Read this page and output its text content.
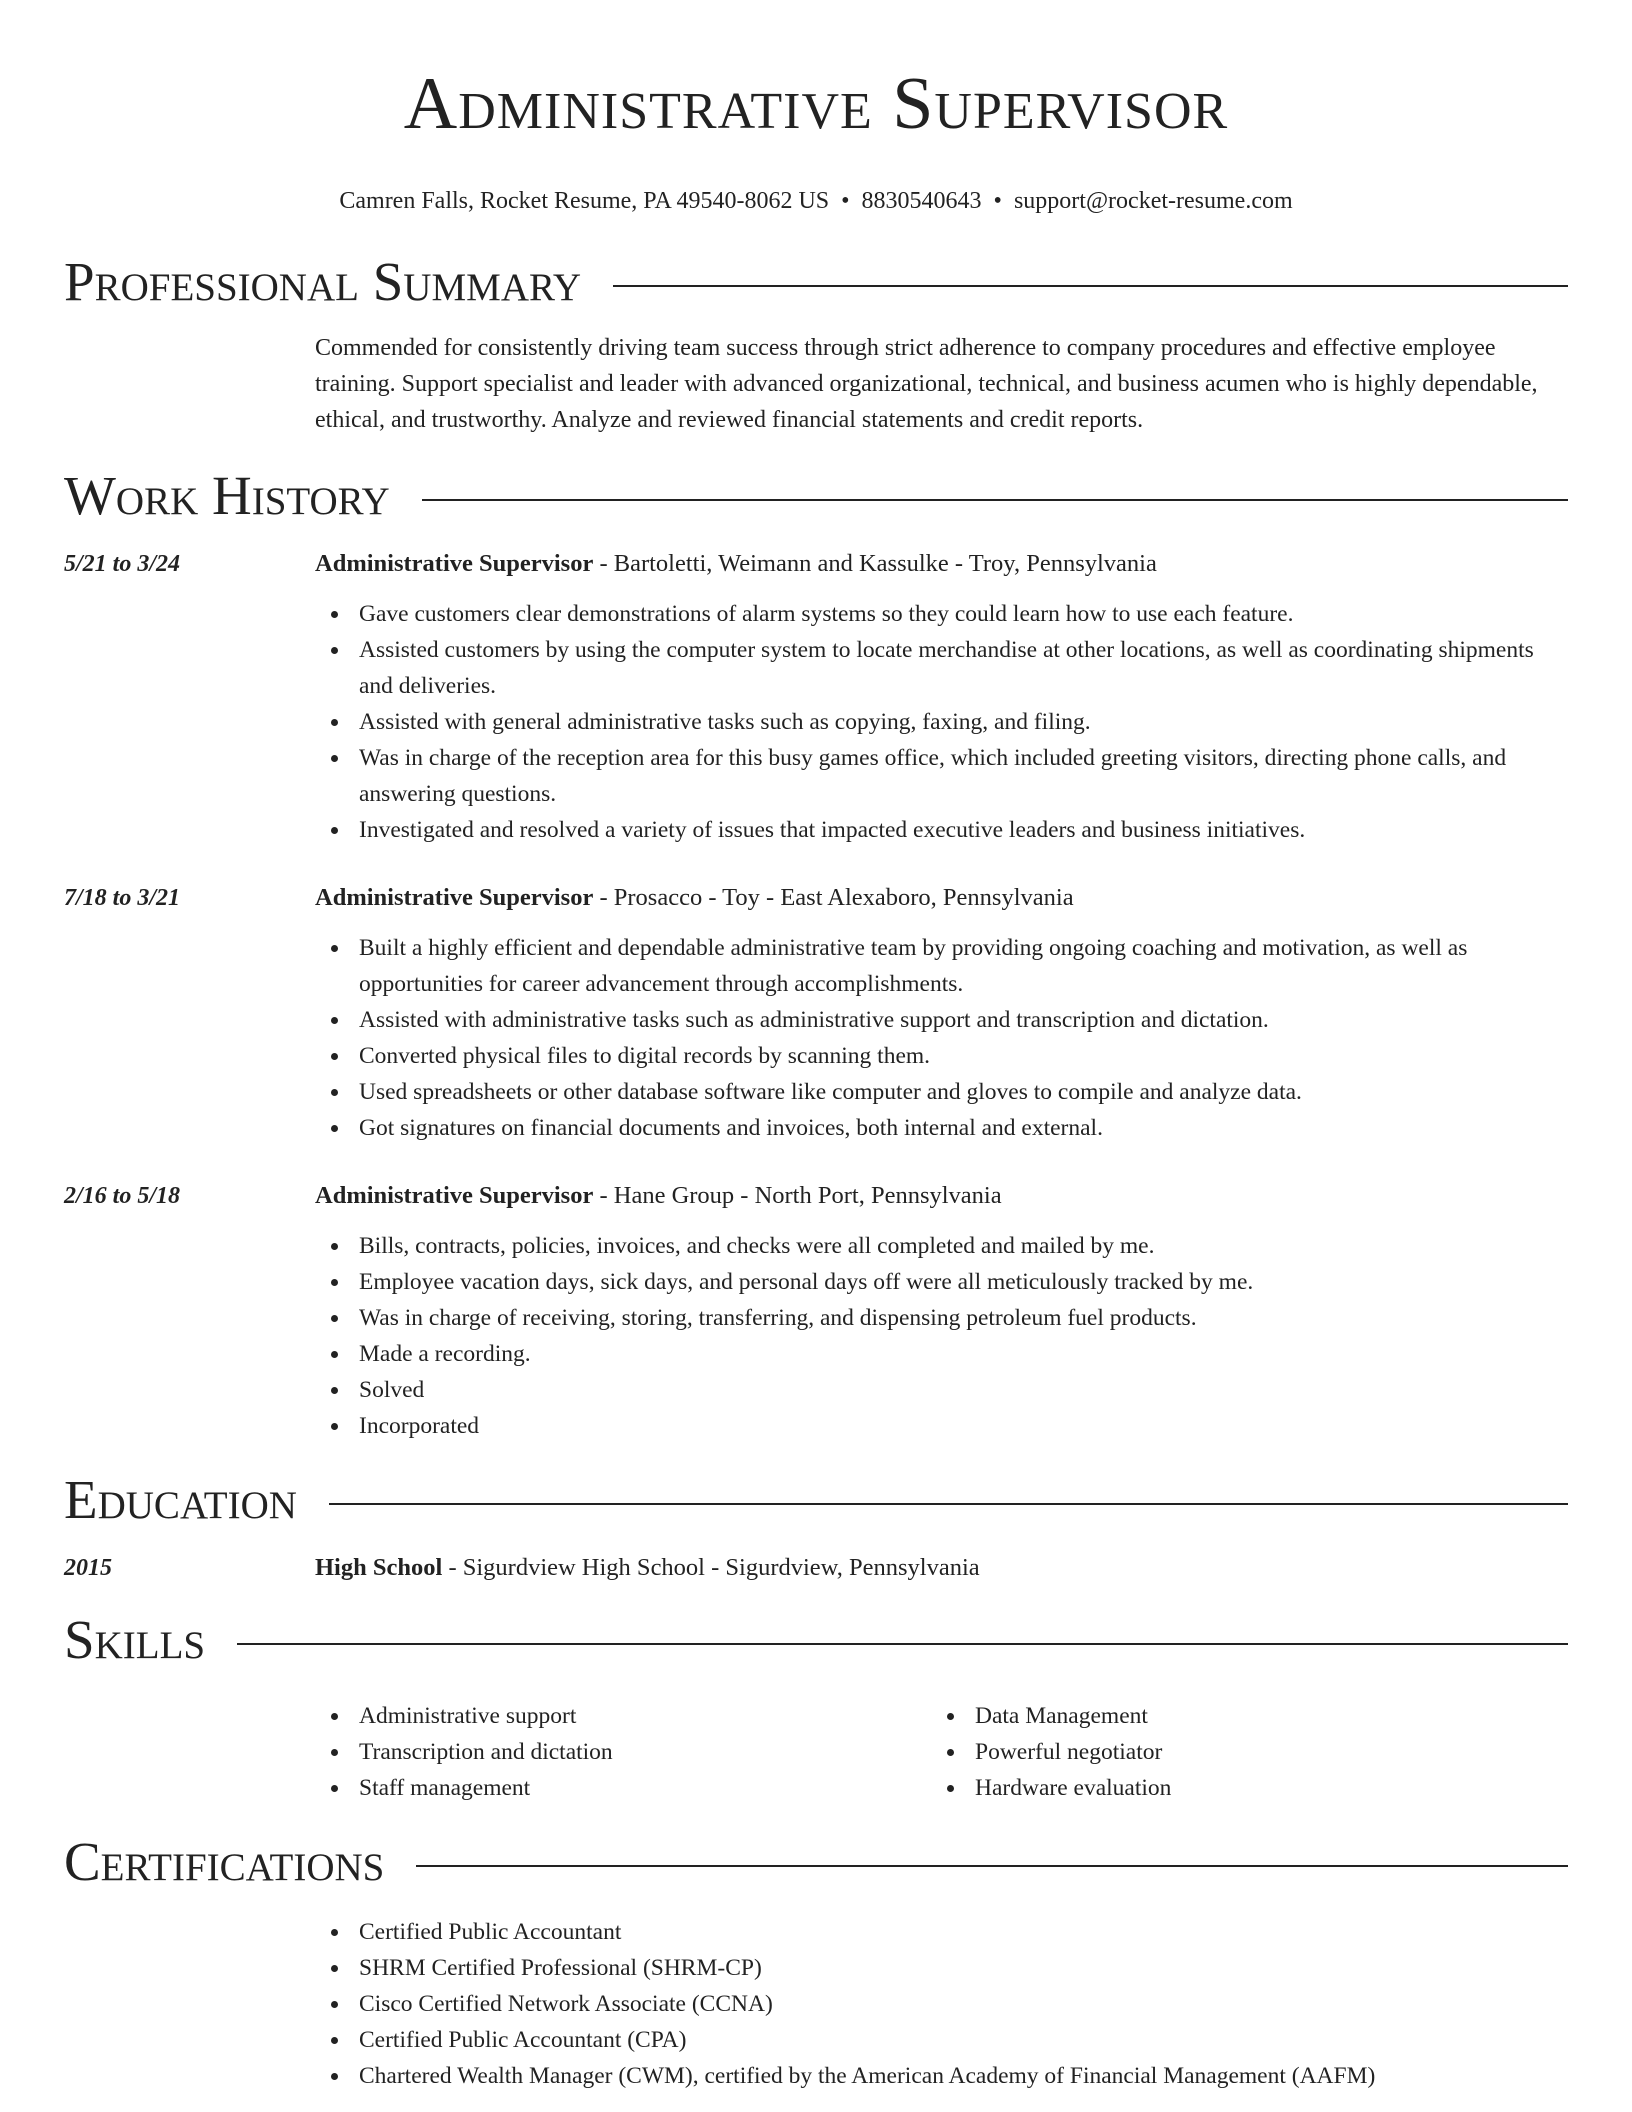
Administrative Supervisor
Camren Falls, Rocket Resume, PA 49540-8062 US • 8830540643 • support@rocket-resume.com
Professional Summary
Commended for consistently driving team success through strict adherence to company procedures and effective employee training. Support specialist and leader with advanced organizational, technical, and business acumen who is highly dependable, ethical, and trustworthy. Analyze and reviewed financial statements and credit reports.
Work History
5/21 to 3/24	Administrative Supervisor - Bartoletti, Weimann and Kassulke - Troy, Pennsylvania
Gave customers clear demonstrations of alarm systems so they could learn how to use each feature.
Assisted customers by using the computer system to locate merchandise at other locations, as well as coordinating shipments and deliveries.
Assisted with general administrative tasks such as copying, faxing, and filing.
Was in charge of the reception area for this busy games office, which included greeting visitors, directing phone calls, and answering questions.
Investigated and resolved a variety of issues that impacted executive leaders and business initiatives.
7/18 to 3/21	Administrative Supervisor - Prosacco - Toy - East Alexaboro, Pennsylvania
Built a highly efficient and dependable administrative team by providing ongoing coaching and motivation, as well as opportunities for career advancement through accomplishments.
Assisted with administrative tasks such as administrative support and transcription and dictation.
Converted physical files to digital records by scanning them.
Used spreadsheets or other database software like computer and gloves to compile and analyze data.
Got signatures on financial documents and invoices, both internal and external.
2/16 to 5/18	Administrative Supervisor - Hane Group - North Port, Pennsylvania
Bills, contracts, policies, invoices, and checks were all completed and mailed by me.
Employee vacation days, sick days, and personal days off were all meticulously tracked by me.
Was in charge of receiving, storing, transferring, and dispensing petroleum fuel products.
Made a recording.
Solved
Incorporated
Education
2015	High School - Sigurdview High School - Sigurdview, Pennsylvania
Skills
Administrative support
Transcription and dictation
Staff management
Data Management
Powerful negotiator
Hardware evaluation
Certifications
Certified Public Accountant
SHRM Certified Professional (SHRM-CP)
Cisco Certified Network Associate (CCNA)
Certified Public Accountant (CPA)
Chartered Wealth Manager (CWM), certified by the American Academy of Financial Management (AAFM)
